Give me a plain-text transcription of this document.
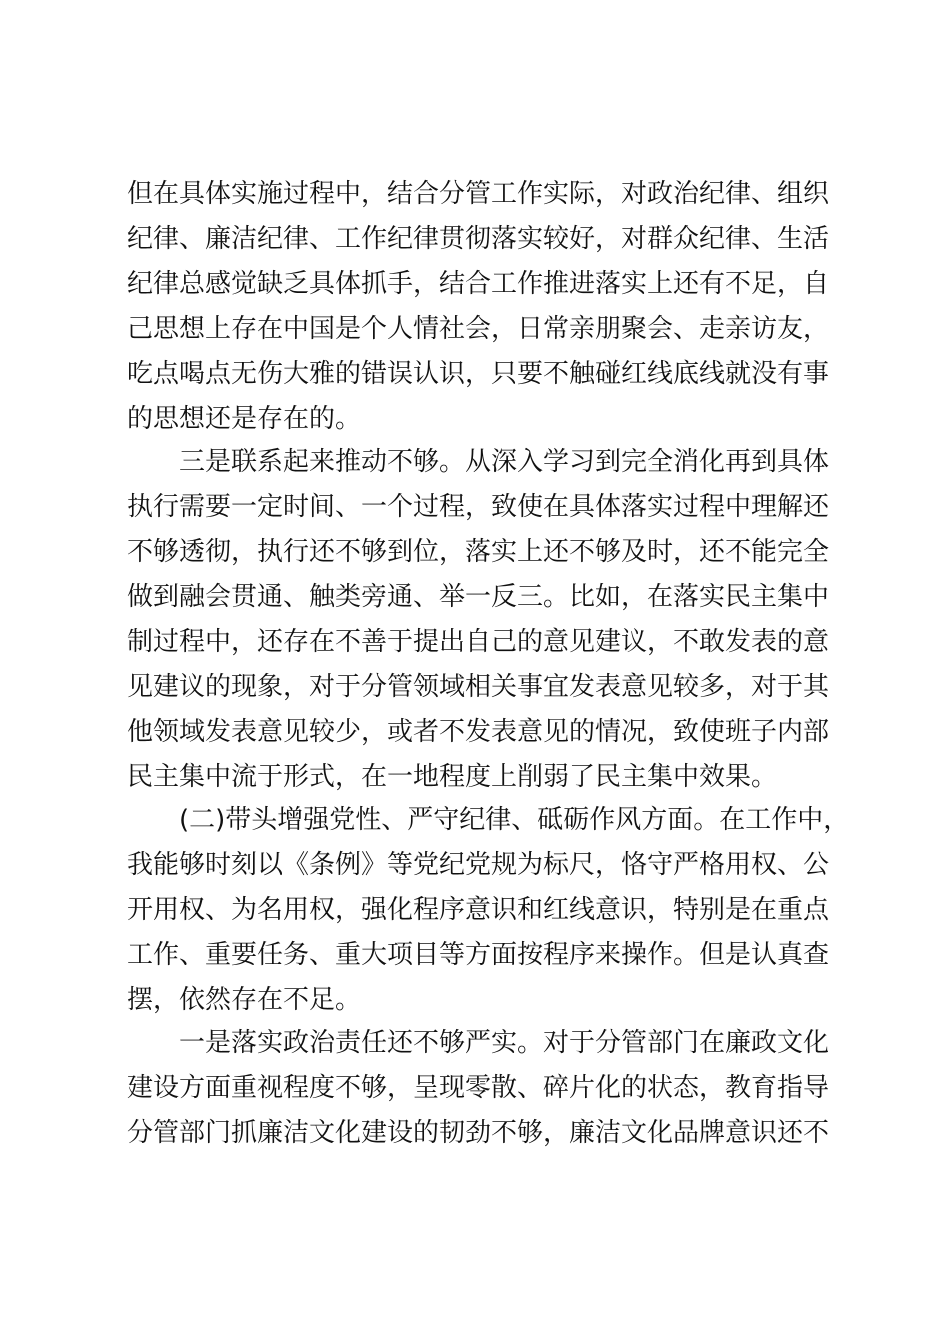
但在具体实施过程中，结合分管工作实际，对政治纪律、组织
纪律、廉洁纪律、工作纪律贯彻落实较好，对群众纪律、生活
纪律总感觉缺乏具体抓手，结合工作推进落实上还有不足，自
己思想上存在中国是个人情社会，日常亲朋聚会、走亲访友，
吃点喝点无伤大雅的错误认识，只要不触碰红线底线就没有事
的思想还是存在的。
三是联系起来推动不够。从深入学习到完全消化再到具体
执行需要一定时间、一个过程，致使在具体落实过程中理解还
不够透彻，执行还不够到位，落实上还不够及时，还不能完全
做到融会贯通、触类旁通、举一反三。比如，在落实民主集中
制过程中，还存在不善于提出自己的意见建议，不敢发表的意
见建议的现象，对于分管领域相关事宜发表意见较多，对于其
他领域发表意见较少，或者不发表意见的情况，致使班子内部
民主集中流于形式，在一地程度上削弱了民主集中效果。
(二)带头增强党性、严守纪律、砥砺作风方面。在工作中，
我能够时刻以《条例》等党纪党规为标尺，恪守严格用权、公
开用权、为名用权，强化程序意识和红线意识，特别是在重点
工作、重要任务、重大项目等方面按程序来操作。但是认真查
摆，依然存在不足。
一是落实政治责任还不够严实。对于分管部门在廉政文化
建设方面重视程度不够，呈现零散、碎片化的状态，教育指导
分管部门抓廉洁文化建设的韧劲不够，廉洁文化品牌意识还不
